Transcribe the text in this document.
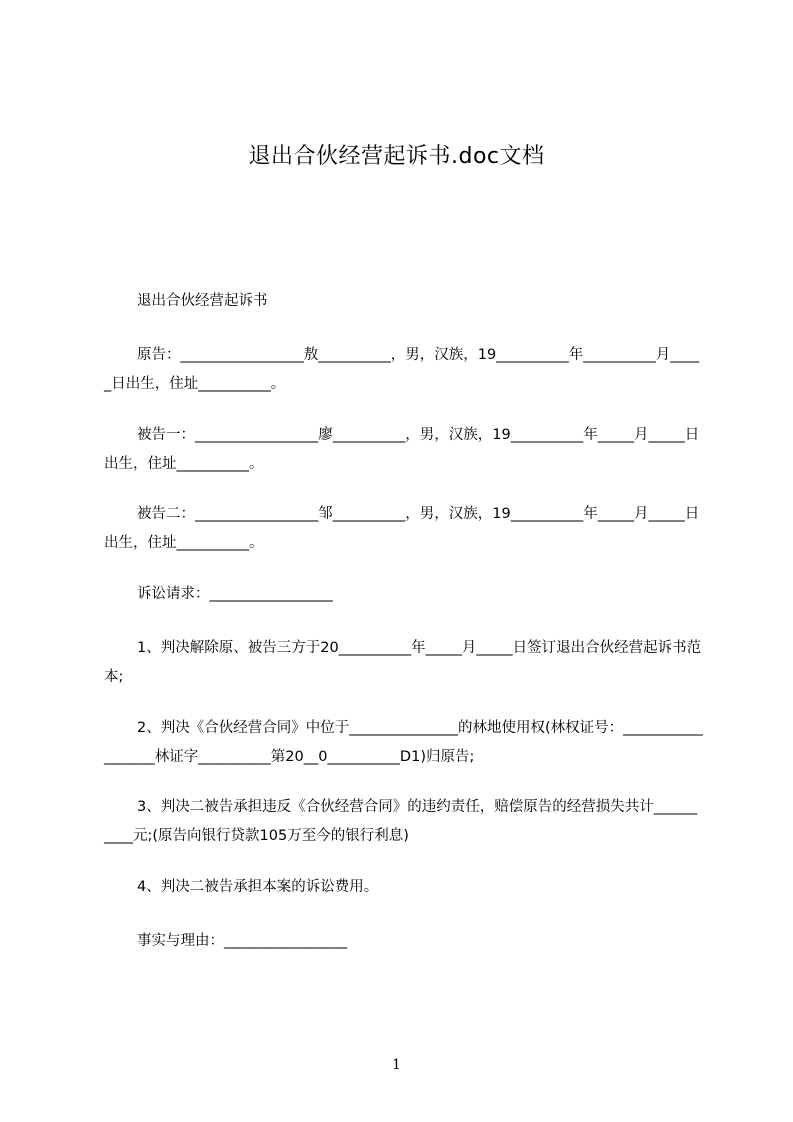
退出合伙经营起诉书.doc文档
退出合伙经营起诉书
原告：_________________敖__________，男，汉族，19__________年__________月_____日出生，住址__________。
被告一：_________________廖__________，男，汉族，19__________年_____月_____日出生，住址__________。
被告二：_________________邹__________，男，汉族，19__________年_____月_____日出生，住址__________。
诉讼请求：_________________
1、判决解除原、被告三方于20__________年_____月_____日签订退出合伙经营起诉书范本;
2、判决《合伙经营合同》中位于_______________的林地使用权(林权证号：__________________林证字__________第20__0__________D1)归原告;
3、判决二被告承担违反《合伙经营合同》的违约责任，赔偿原告的经营损失共计__________元;(原告向银行贷款105万至今的银行利息)
4、判决二被告承担本案的诉讼费用。
事实与理由：_________________
1
